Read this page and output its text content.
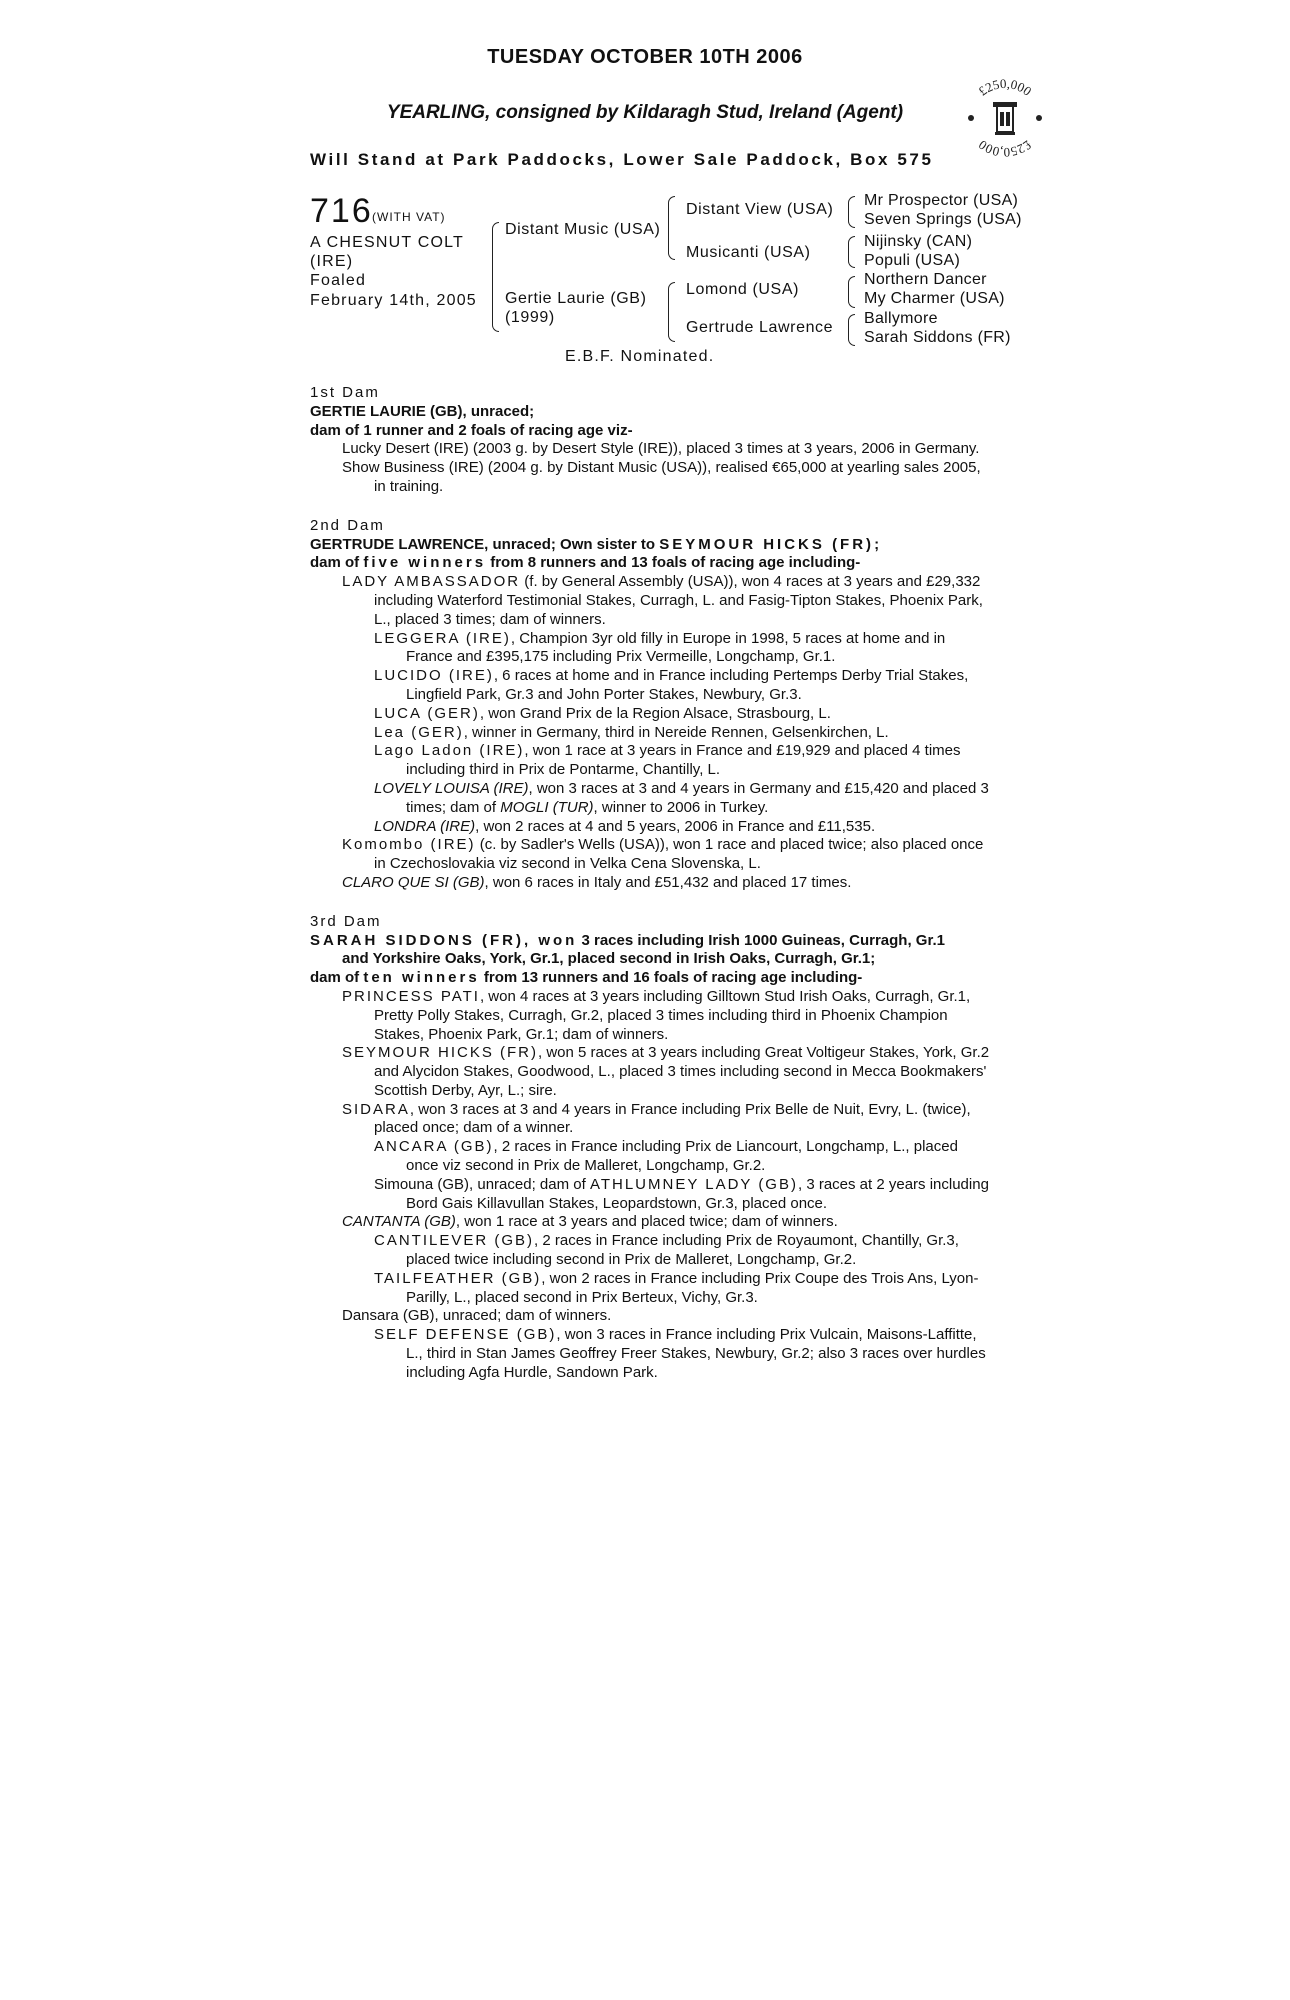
TUESDAY OCTOBER 10TH 2006
YEARLING, consigned by Kildaragh Stud, Ireland (Agent)
Will Stand at Park Paddocks, Lower Sale Paddock, Box 575
£250,000
£250,000
716 (WITH VAT)
A CHESNUT COLT
(IRE)
Foaled
February 14th, 2005
Distant Music (USA)
Gertie Laurie (GB)
(1999)
Distant View (USA)
Musicanti (USA)
Lomond (USA)
Gertrude Lawrence
Mr Prospector (USA)
Seven Springs (USA)
Nijinsky (CAN)
Populi (USA)
Northern Dancer
My Charmer (USA)
Ballymore
Sarah Siddons (FR)
E.B.F. Nominated.

1st Dam

GERTIE LAURIE (GB), unraced;

dam of 1 runner and 2 foals of racing age viz-

Lucky Desert (IRE) (2003 g. by Desert Style (IRE)), placed 3 times at 3 years, 2006 in Germany.

Show Business (IRE) (2004 g. by Distant Music (USA)), realised €65,000 at yearling sales 2005, in training.

2nd Dam

GERTRUDE LAWRENCE, unraced; Own sister to SEYMOUR HICKS (FR);

dam of five winners from 8 runners and 13 foals of racing age including-

LADY AMBASSADOR (f. by General Assembly (USA)), won 4 races at 3 years and £29,332 including Waterford Testimonial Stakes, Curragh, L. and Fasig-Tipton Stakes, Phoenix Park, L., placed 3 times; dam of winners.

LEGGERA (IRE), Champion 3yr old filly in Europe in 1998, 5 races at home and in France and £395,175 including Prix Vermeille, Longchamp, Gr.1.

LUCIDO (IRE), 6 races at home and in France including Pertemps Derby Trial Stakes, Lingfield Park, Gr.3 and John Porter Stakes, Newbury, Gr.3.

LUCA (GER), won Grand Prix de la Region Alsace, Strasbourg, L.

Lea (GER), winner in Germany, third in Nereide Rennen, Gelsenkirchen, L.

Lago Ladon (IRE), won 1 race at 3 years in France and £19,929 and placed 4 times including third in Prix de Pontarme, Chantilly, L.

LOVELY LOUISA (IRE), won 3 races at 3 and 4 years in Germany and £15,420 and placed 3 times; dam of MOGLI (TUR), winner to 2006 in Turkey.

LONDRA (IRE), won 2 races at 4 and 5 years, 2006 in France and £11,535.

Komombo (IRE) (c. by Sadler's Wells (USA)), won 1 race and placed twice; also placed once in Czechoslovakia viz second in Velka Cena Slovenska, L.

CLARO QUE SI (GB), won 6 races in Italy and £51,432 and placed 17 times.

3rd Dam

SARAH SIDDONS (FR), won 3 races including Irish 1000 Guineas, Curragh, Gr.1

and Yorkshire Oaks, York, Gr.1, placed second in Irish Oaks, Curragh, Gr.1;

dam of ten winners from 13 runners and 16 foals of racing age including-

PRINCESS PATI, won 4 races at 3 years including Gilltown Stud Irish Oaks, Curragh, Gr.1, Pretty Polly Stakes, Curragh, Gr.2, placed 3 times including third in Phoenix Champion Stakes, Phoenix Park, Gr.1; dam of winners.

SEYMOUR HICKS (FR), won 5 races at 3 years including Great Voltigeur Stakes, York, Gr.2 and Alycidon Stakes, Goodwood, L., placed 3 times including second in Mecca Bookmakers' Scottish Derby, Ayr, L.; sire.

SIDARA, won 3 races at 3 and 4 years in France including Prix Belle de Nuit, Evry, L. (twice), placed once; dam of a winner.

ANCARA (GB), 2 races in France including Prix de Liancourt, Longchamp, L., placed once viz second in Prix de Malleret, Longchamp, Gr.2.

Simouna (GB), unraced; dam of ATHLUMNEY LADY (GB), 3 races at 2 years including Bord Gais Killavullan Stakes, Leopardstown, Gr.3, placed once.

CANTANTA (GB), won 1 race at 3 years and placed twice; dam of winners.

CANTILEVER (GB), 2 races in France including Prix de Royaumont, Chantilly, Gr.3, placed twice including second in Prix de Malleret, Longchamp, Gr.2.

TAILFEATHER (GB), won 2 races in France including Prix Coupe des Trois Ans, Lyon-Parilly, L., placed second in Prix Berteux, Vichy, Gr.3.

Dansara (GB), unraced; dam of winners.

SELF DEFENSE (GB), won 3 races in France including Prix Vulcain, Maisons-Laffitte, L., third in Stan James Geoffrey Freer Stakes, Newbury, Gr.2; also 3 races over hurdles including Agfa Hurdle, Sandown Park.
